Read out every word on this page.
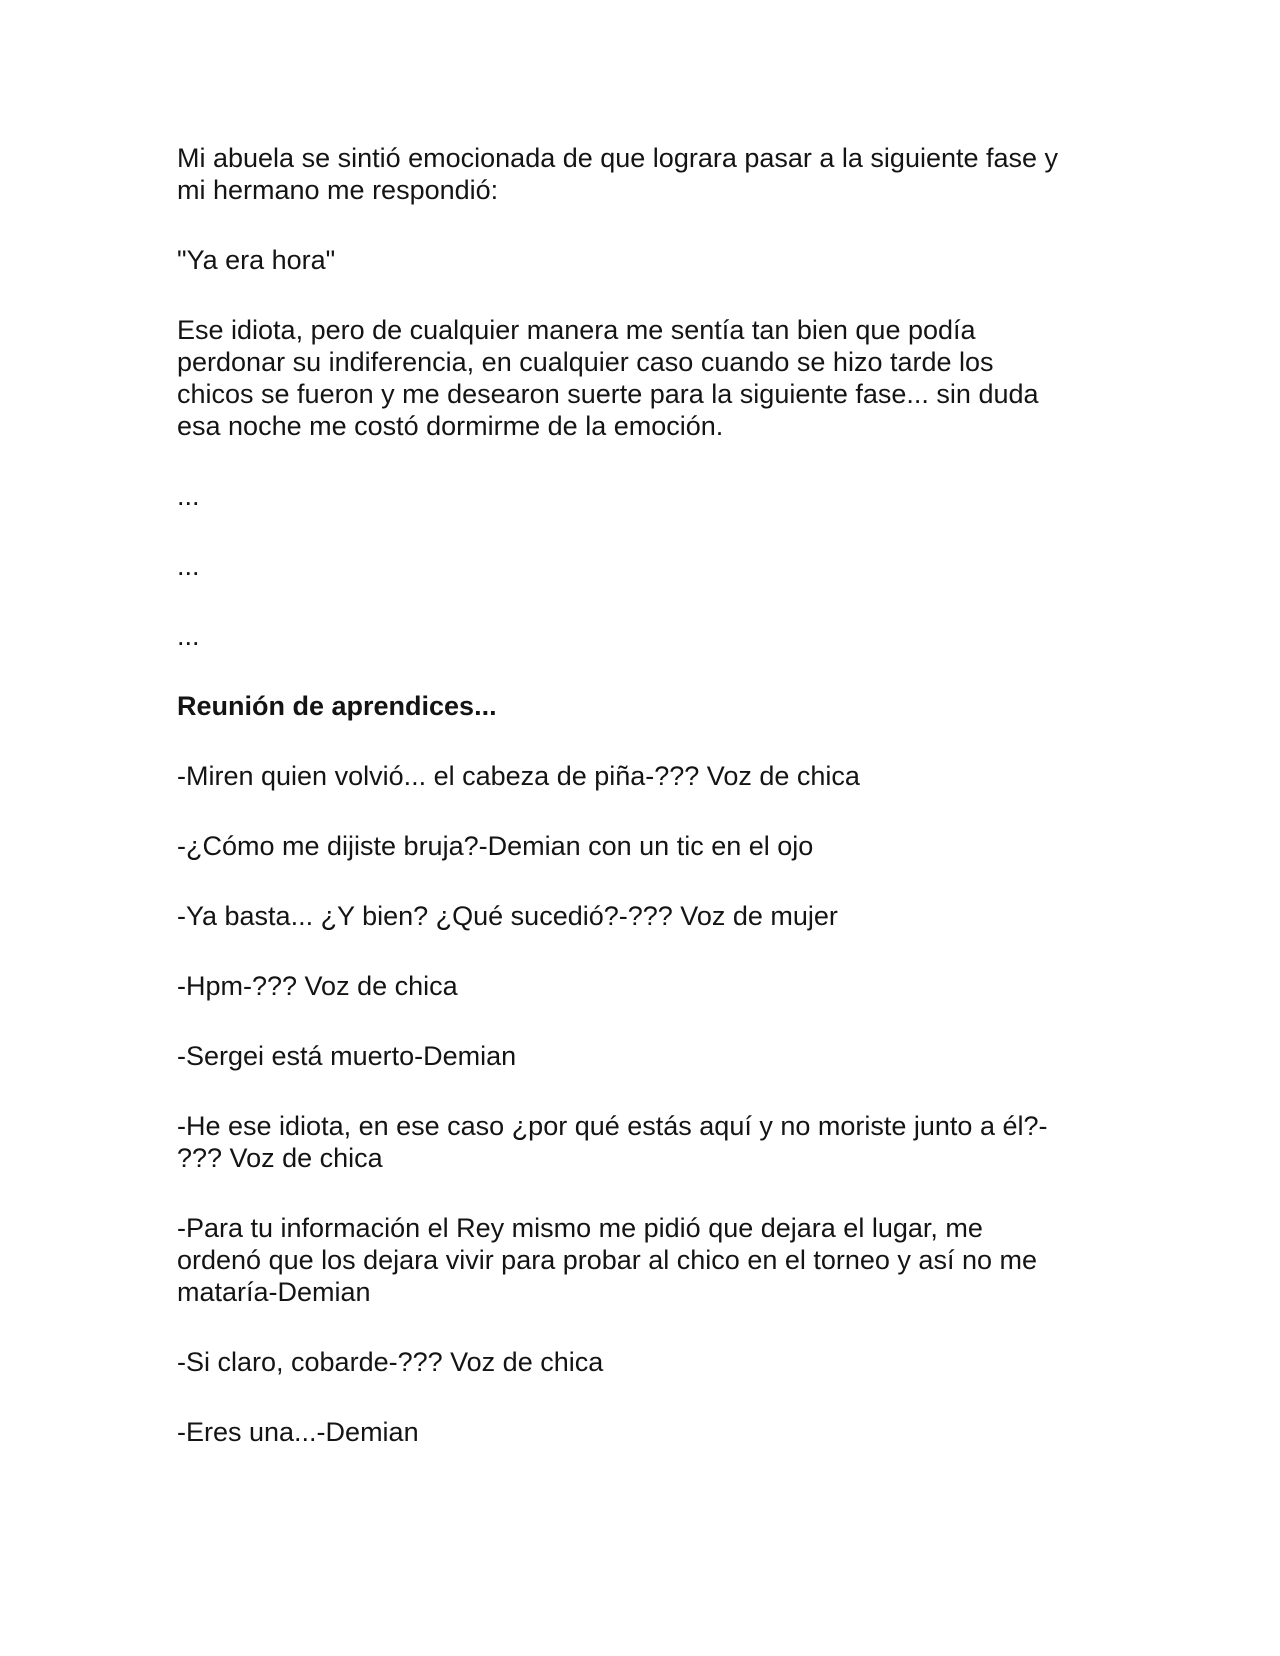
Mi abuela se sintió emocionada de que lograra pasar a la siguiente fase y
mi hermano me respondió:

"Ya era hora"

Ese idiota, pero de cualquier manera me sentía tan bien que podía
perdonar su indiferencia, en cualquier caso cuando se hizo tarde los
chicos se fueron y me desearon suerte para la siguiente fase... sin duda
esa noche me costó dormirme de la emoción.

...

...

...

Reunión de aprendices...

-Miren quien volvió... el cabeza de piña-??? Voz de chica

-¿Cómo me dijiste bruja?-Demian con un tic en el ojo

-Ya basta... ¿Y bien? ¿Qué sucedió?-??? Voz de mujer

-Hpm-??? Voz de chica

-Sergei está muerto-Demian

-He ese idiota, en ese caso ¿por qué estás aquí y no moriste junto a él?-
??? Voz de chica

-Para tu información el Rey mismo me pidió que dejara el lugar, me
ordenó que los dejara vivir para probar al chico en el torneo y así no me
mataría-Demian

-Si claro, cobarde-??? Voz de chica

-Eres una...-Demian
